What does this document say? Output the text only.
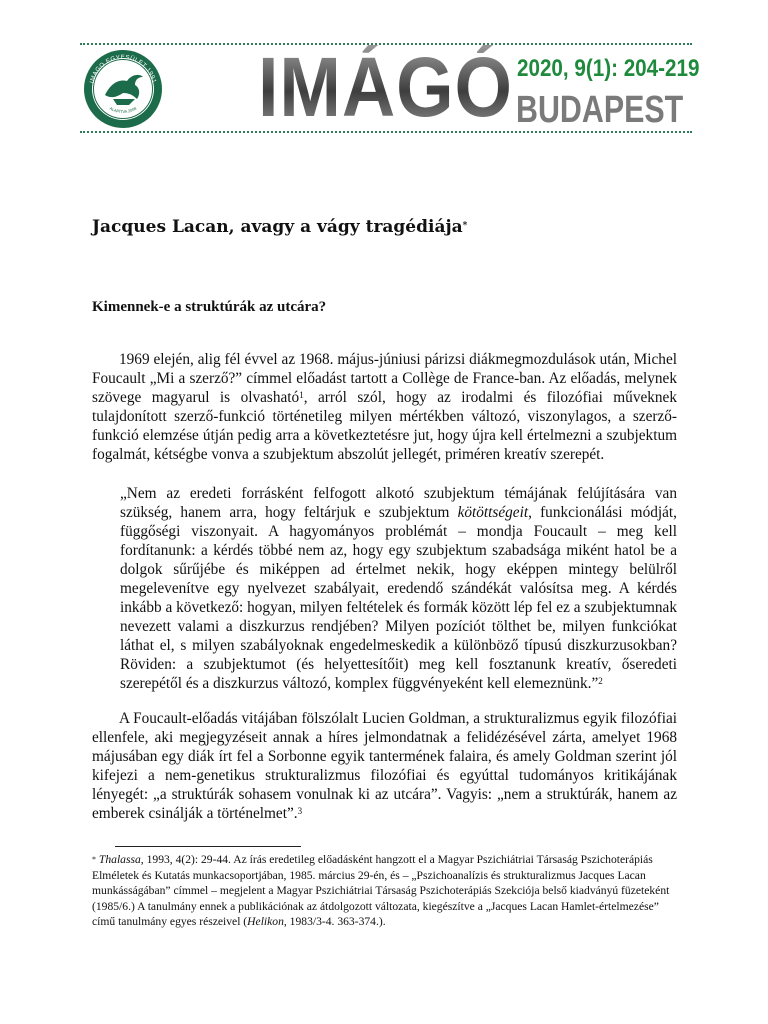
IMAGO EGYESÜLET 1991
ALAPÍTVA 2008 IMÁGÓ 2020, 9(1): 204-219
BUDAPEST
Jacques Lacan, avagy a vágy tragédiája*
Kimennek-e a struktúrák az utcára?

1969 elején, alig fél évvel az 1968. május-júniusi párizsi diákmegmozdulások után, Michel Foucault „Mi a szerző?” címmel előadást tartott a Collège de France-ban. Az előadás, melynek szövege magyarul is olvasható$^1$, arról szól, hogy az irodalmi és filozófiai műveknek tulajdonított szerző-funkció történetileg milyen mértékben változó, viszonylagos, a szerző-funkció elemzése útján pedig arra a következtetésre jut, hogy újra kell értelmezni a szubjektum fogalmát, kétségbe vonva a szubjektum abszolút jellegét, priméren kreatív szerepét.

„Nem az eredeti forrásként felfogott alkotó szubjektum témájának felújítására van szükség, hanem arra, hogy feltárjuk e szubjektum kötöttségeit, funkcionálási módját, függőségi viszonyait. A hagyományos problémát – mondja Foucault – meg kell fordítanunk: a kérdés többé nem az, hogy egy szubjektum szabadsága miként hatol be a dolgok sűrűjébe és miképpen ad értelmet nekik, hogy eképpen mintegy belülről megelevenítve egy nyelvezet szabályait, eredendő szándékát valósítsa meg. A kérdés inkább a következő: hogyan, milyen feltételek és formák között lép fel ez a szubjektumnak nevezett valami a diszkurzus rendjében? Milyen pozíciót tölthet be, milyen funkciókat láthat el, s milyen szabályoknak engedelmeskedik a különböző típusú diszkurzusokban? Röviden: a szubjektumot (és helyettesítőit) meg kell fosztanunk kreatív, őseredeti szerepétől és a diszkurzus változó, komplex függvényeként kell elemeznünk.”$^2$

A Foucault-előadás vitájában fölszólalt Lucien Goldman, a strukturalizmus egyik filozófiai ellenfele, aki megjegyzéseit annak a híres jelmondatnak a felidézésével zárta, amelyet 1968 májusában egy diák írt fel a Sorbonne egyik tantermének falaira, és amely Goldman szerint jól kifejezi a nem-genetikus strukturalizmus filozófiai és egyúttal tudományos kritikájának lényegét: „a struktúrák sohasem vonulnak ki az utcára”. Vagyis: „nem a struktúrák, hanem az emberek csinálják a történelmet”.$^3$

* Thalassa, 1993, 4(2): 29-44. Az írás eredetileg előadásként hangzott el a Magyar Pszichiátriai Társaság Pszichoterápiás Elméletek és Kutatás munkacsoportjában, 1985. március 29-én, és – „Pszichoanalízis és strukturalizmus Jacques Lacan munkásságában” címmel – megjelent a Magyar Pszichiátriai Társaság Pszichoterápiás Szekciója belső kiadványú füzeteként (1985/6.) A tanulmány ennek a publikációnak az átdolgozott változata, kiegészítve a „Jacques Lacan Hamlet-értelmezése” című tanulmány egyes részeivel (Helikon, 1983/3-4. 363-374.).
